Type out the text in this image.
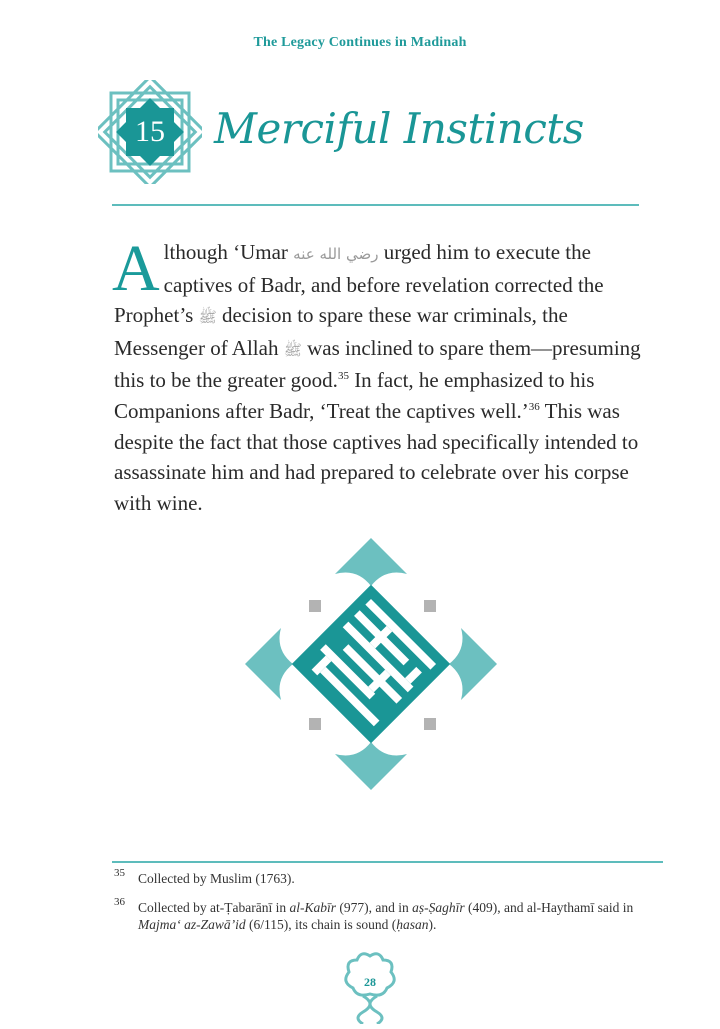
The Legacy Continues in Madinah
15	Merciful Instincts
A lthough ‘Umar رضي الله عنه urged him to execute the captives of Badr, and before revelation corrected the Prophet’s ﷺ decision to spare these war criminals, the Messenger of Allah ﷺ was inclined to spare them—presuming this to be the greater good.$^{35}$ In fact, he emphasized to his Companions after Badr, ‘Treat the captives well.’$^{36}$ This was despite the fact that those captives had specifically intended to assassinate him and had prepared to celebrate over his corpse with wine.
35 Collected by Muslim (1763).
36 Collected by at-Ṭabarānī in al-Kabīr (977), and in aṣ-Ṣaghīr (409), and al-Haythamī said in Majma‘ az-Zawā’id (6/115), its chain is sound (ḥasan).
28
